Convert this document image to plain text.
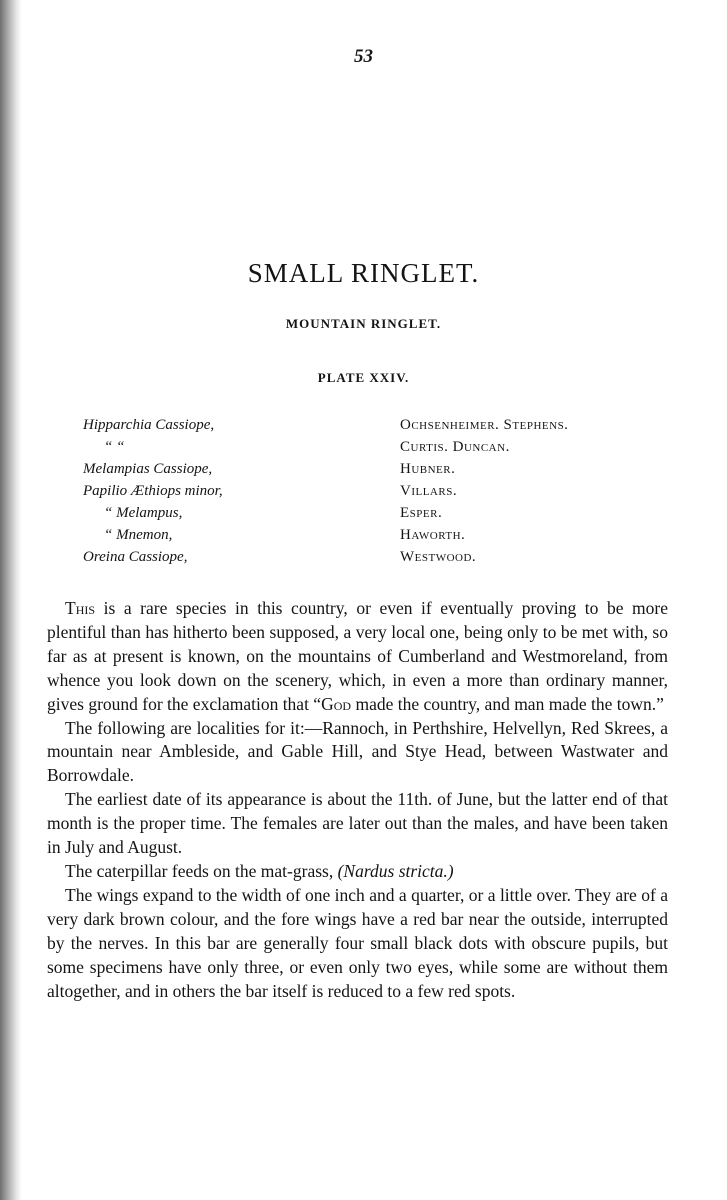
53
SMALL RINGLET.
MOUNTAIN RINGLET.
PLATE XXIV.
Hipparchia Cassiope,	Ochsenheimer. Stephens.
“ “	Curtis. Duncan.
Melampias Cassiope,	Hubner.
Papilio Æthiops minor,	Villars.
“ Melampus,	Esper.
“ Mnemon,	Haworth.
Oreina Cassiope,	Westwood.

This is a rare species in this country, or even if eventually proving to be more plentiful than has hitherto been supposed, a very local one, being only to be met with, so far as at present is known, on the mountains of Cumberland and Westmoreland, from whence you look down on the scenery, which, in even a more than ordinary manner, gives ground for the exclamation that “God made the country, and man made the town.”

The following are localities for it:—Rannoch, in Perthshire, Helvellyn, Red Skrees, a mountain near Ambleside, and Gable Hill, and Stye Head, between Wastwater and Borrowdale.

The earliest date of its appearance is about the 11th. of June, but the latter end of that month is the proper time. The females are later out than the males, and have been taken in July and August.

The caterpillar feeds on the mat-grass, (Nardus stricta.)

The wings expand to the width of one inch and a quarter, or a little over. They are of a very dark brown colour, and the fore wings have a red bar near the outside, interrupted by the nerves. In this bar are generally four small black dots with obscure pupils, but some specimens have only three, or even only two eyes, while some are without them altogether, and in others the bar itself is reduced to a few red spots.
